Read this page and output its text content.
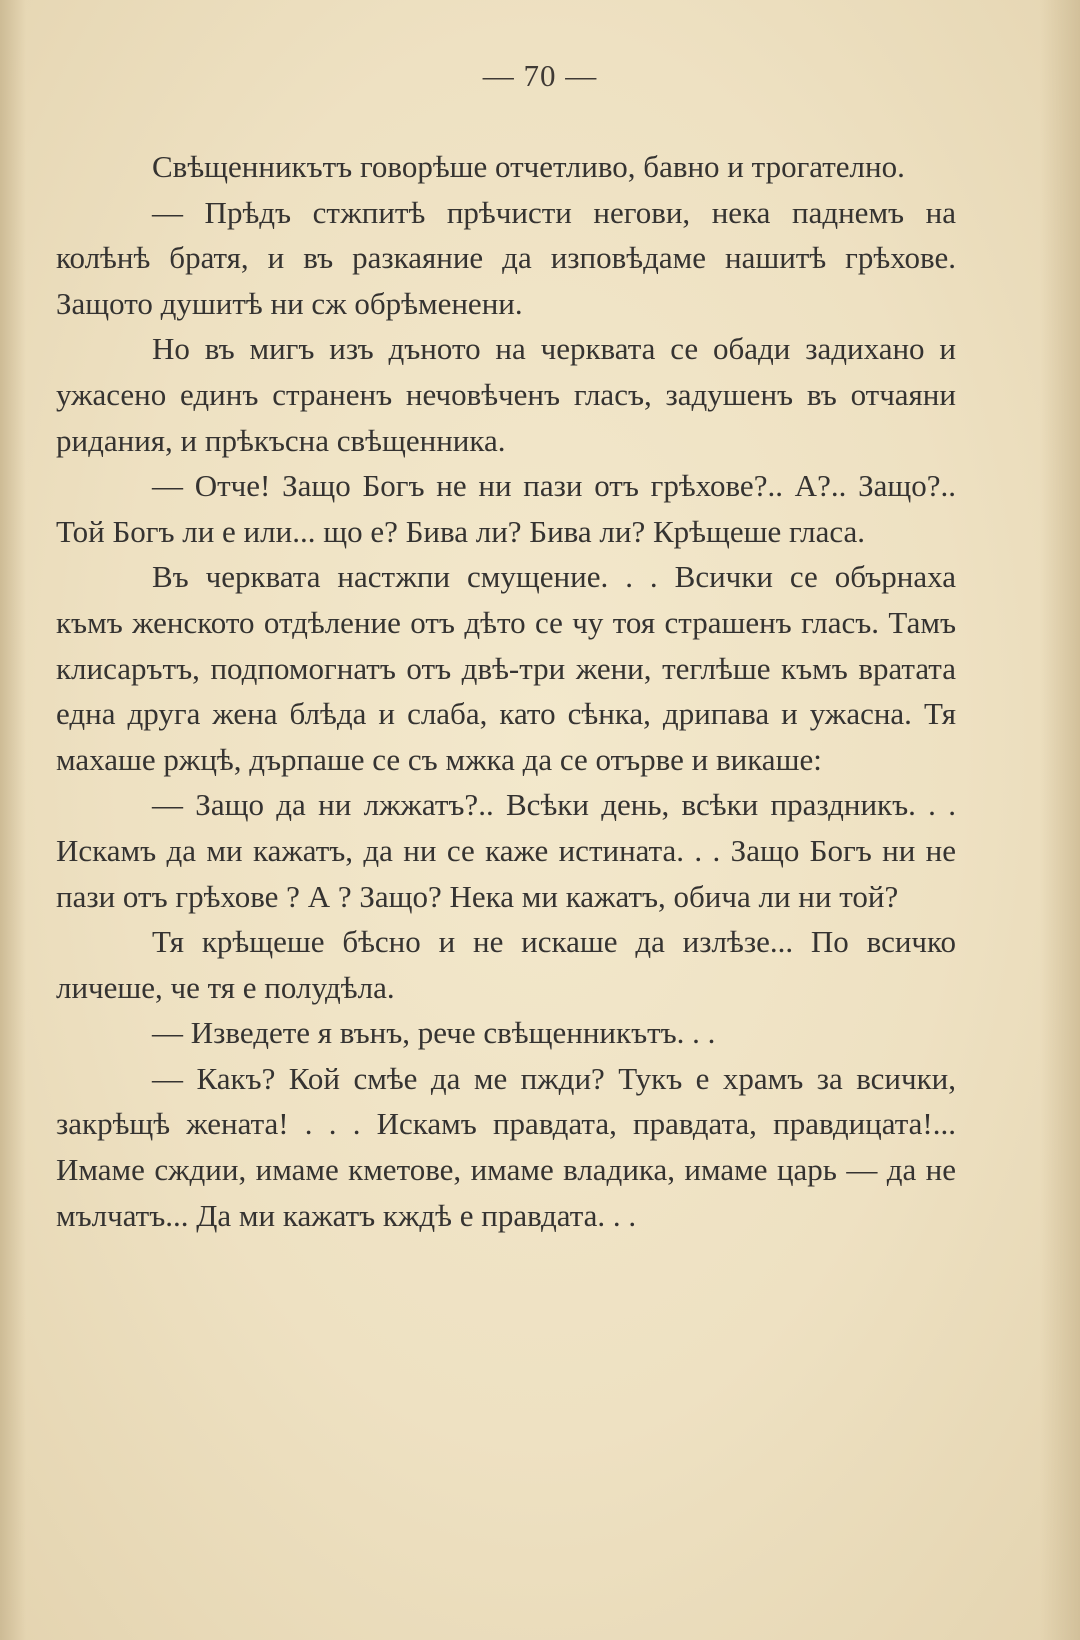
— 70 —

Свѣщенникътъ говорѣше отчетливо, бавно и трогателно.

— Прѣдъ стжпитѣ прѣчисти негови, нека паднемъ на колѣнѣ братя, и въ разкаяние да изповѣдаме нашитѣ грѣхове. Защото душитѣ ни сж обрѣменени.

Но въ мигъ изъ дъното на черквата се обади задихано и ужасено единъ страненъ нечовѣченъ гласъ, задушенъ въ отчаяни ридания, и прѣкъсна свѣщенника.

— Отче! Защо Богъ не ни пази отъ грѣхове?.. А?.. Защо?.. Той Богъ ли е или... що е? Бива ли? Бива ли? Крѣщеше гласа.

Въ черквата настжпи смущение. . . Всички се обърнаха къмъ женското отдѣление отъ дѣто се чу тоя страшенъ гласъ. Тамъ клисарътъ, подпомогнатъ отъ двѣ-три жени, теглѣше къмъ вратата една друга жена блѣда и слаба, като сѣнка, дрипава и ужасна. Тя махаше ржцѣ, дърпаше се съ мжка да се отърве и викаше:

— Защо да ни лжжатъ?.. Всѣки день, всѣки праздникъ. . . Искамъ да ми кажатъ, да ни се каже истината. . . Защо Богъ ни не пази отъ грѣхове ? А ? Защо? Нека ми кажатъ, обича ли ни той?

Тя крѣщеше бѣсно и не искаше да излѣзе... По всичко личеше, че тя е полудѣла.

— Изведете я вънъ, рече свѣщенникътъ. . .

— Какъ? Кой смѣе да ме пжди? Тукъ е храмъ за всички, закрѣщѣ жената! . . . Искамъ правдата, правдата, правдицата!... Имаме сждии, имаме кметове, имаме владика, имаме царь — да не мълчатъ... Да ми кажатъ кждѣ е правдата. . .
